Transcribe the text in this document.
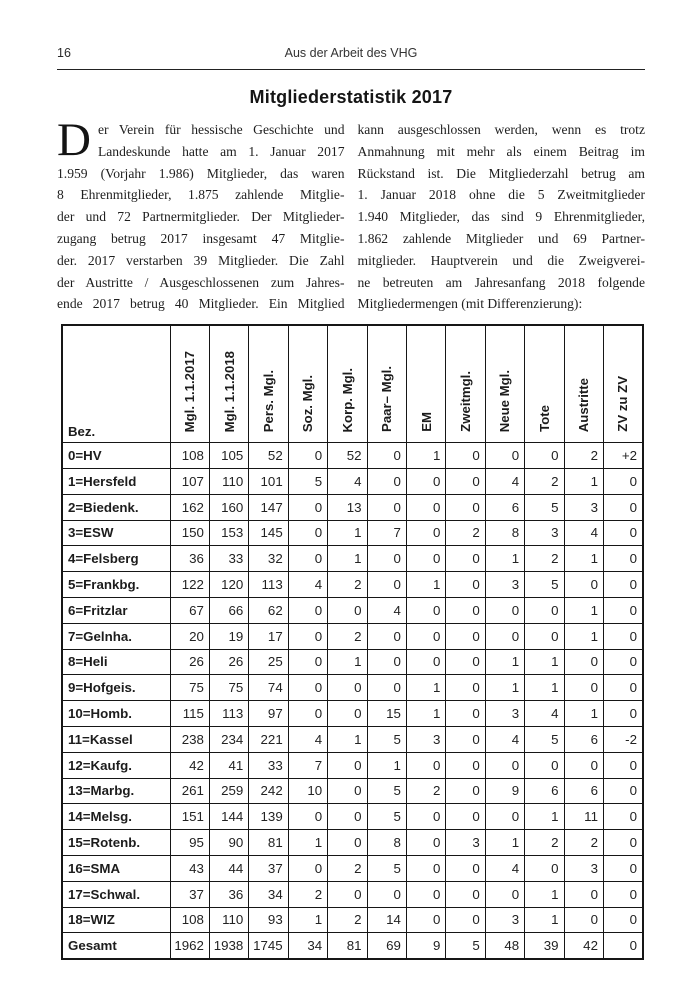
16	Aus der Arbeit des VHG
Mitgliederstatistik 2017
D er Verein für hessische Geschichte und
Landeskunde hatte am 1. Januar 2017
1.959 (Vorjahr 1.986) Mitglieder, das waren
8 Ehrenmitglieder, 1.875 zahlende Mitglie-
der und 72 Partnermitglieder. Der Mitglieder-
zugang betrug 2017 insgesamt 47 Mitglie-
der. 2017 verstarben 39 Mitglieder. Die Zahl
der Austritte / Ausgeschlossenen zum Jahres-
ende 2017 betrug 40 Mitglieder. Ein Mitglied
kann ausgeschlossen werden, wenn es trotz
Anmahnung mit mehr als einem Beitrag im
Rückstand ist. Die Mitgliederzahl betrug am
1. Januar 2018 ohne die 5 Zweitmitglieder
1.940 Mitglieder, das sind 9 Ehrenmitglieder,
1.862 zahlende Mitglieder und 69 Partner-
mitglieder. Hauptverein und die Zweigverei-
ne betreuten am Jahresanfang 2018 folgende
Mitgliedermengen (mit Differenzierung):
Bez.	Mgl. 1.1.2017	Mgl. 1.1.2018	Pers. Mgl.	Soz. Mgl.	Korp. Mgl.	Paar– Mgl.	EM	Zweitmgl.	Neue Mgl.	Tote	Austritte	ZV zu ZV
0=HV	108	105	52	0	52	0	1	0	0	0	2	+2
1=Hersfeld	107	110	101	5	4	0	0	0	4	2	1	0
2=Biedenk.	162	160	147	0	13	0	0	0	6	5	3	0
3=ESW	150	153	145	0	1	7	0	2	8	3	4	0
4=Felsberg	36	33	32	0	1	0	0	0	1	2	1	0
5=Frankbg.	122	120	113	4	2	0	1	0	3	5	0	0
6=Fritzlar	67	66	62	0	0	4	0	0	0	0	1	0
7=Gelnha.	20	19	17	0	2	0	0	0	0	0	1	0
8=Heli	26	26	25	0	1	0	0	0	1	1	0	0
9=Hofgeis.	75	75	74	0	0	0	1	0	1	1	0	0
10=Homb.	115	113	97	0	0	15	1	0	3	4	1	0
11=Kassel	238	234	221	4	1	5	3	0	4	5	6	-2
12=Kaufg.	42	41	33	7	0	1	0	0	0	0	0	0
13=Marbg.	261	259	242	10	0	5	2	0	9	6	6	0
14=Melsg.	151	144	139	0	0	5	0	0	0	1	11	0
15=Rotenb.	95	90	81	1	0	8	0	3	1	2	2	0
16=SMA	43	44	37	0	2	5	0	0	4	0	3	0
17=Schwal.	37	36	34	2	0	0	0	0	0	1	0	0
18=WIZ	108	110	93	1	2	14	0	0	3	1	0	0
Gesamt	1962	1938	1745	34	81	69	9	5	48	39	42	0
